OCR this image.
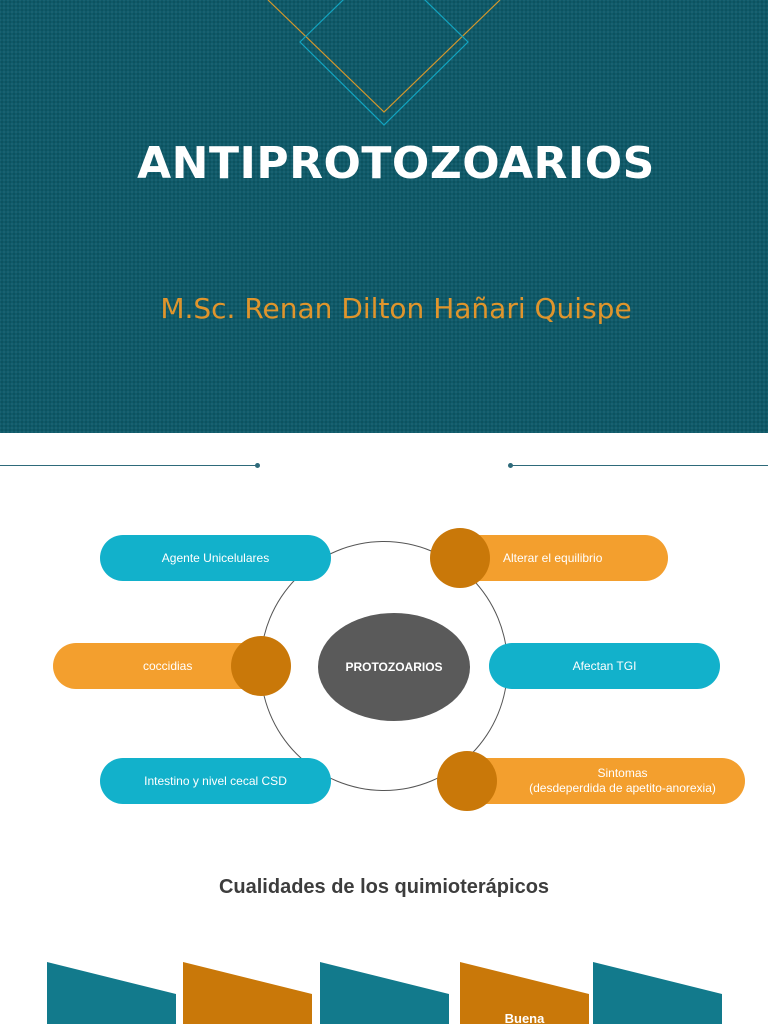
ANTIPROTOZOARIOS
M.Sc. Renan Dilton Hañari Quispe
Agente Unicelulares	Alterar el equilibrio
coccidias	PROTOZOARIOS	Afectan TGI
Intestino y nivel cecal CSD
Sintomas
(desdeperdida de apetito-anorexia)
Cualidades de los quimioterápicos
Buena
